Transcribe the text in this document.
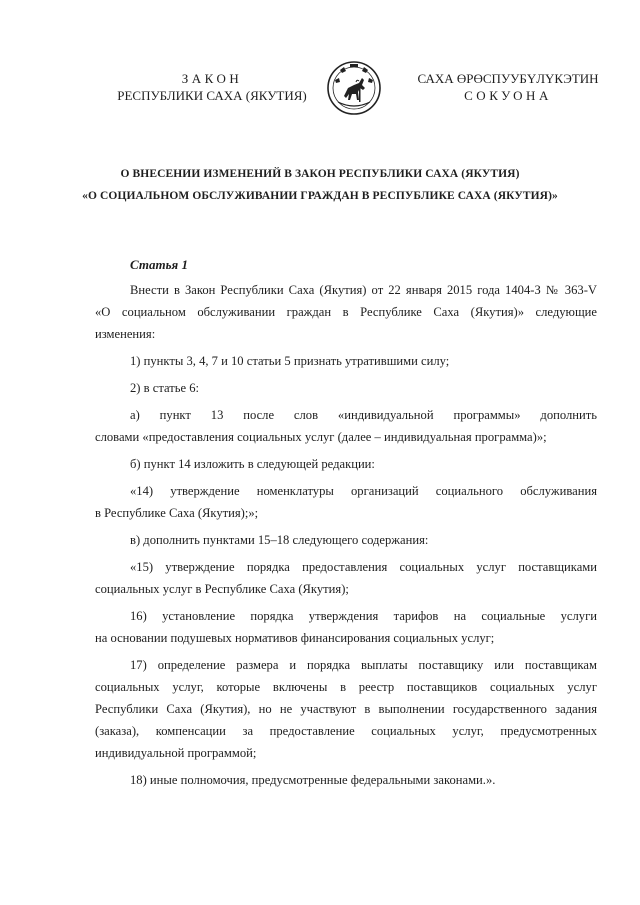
ЗАКОН
РЕСПУБЛИКИ САХА (ЯКУТИЯ)
САХА ӨРӨСПУУБҮЛҮКЭТИН
СОКУОНА
О ВНЕСЕНИИ ИЗМЕНЕНИЙ В ЗАКОН РЕСПУБЛИКИ САХА (ЯКУТИЯ)
«О СОЦИАЛЬНОМ ОБСЛУЖИВАНИИ ГРАЖДАН В РЕСПУБЛИКЕ САХА (ЯКУТИЯ)»
Статья 1

Внести в Закон Республики Саха (Якутия) от 22 января 2015 года 1404-З № 363-V

«О социальном обслуживании граждан в Республике Саха (Якутия)» следующие

изменения:

1) пункты 3, 4, 7 и 10 статьи 5 признать утратившими силу;

2) в статье 6:

а) пункт 13 после слов «индивидуальной программы» дополнить

словами «предоставления социальных услуг (далее – индивидуальная программа)»;

б) пункт 14 изложить в следующей редакции:

«14) утверждение номенклатуры организаций социального обслуживания

в Республике Саха (Якутия);»;

в) дополнить пунктами 15–18 следующего содержания:

«15) утверждение порядка предоставления социальных услуг поставщиками

социальных услуг в Республике Саха (Якутия);

16) установление порядка утверждения тарифов на социальные услуги

на основании подушевых нормативов финансирования социальных услуг;

17) определение размера и порядка выплаты поставщику или поставщикам

социальных услуг, которые включены в реестр поставщиков социальных услуг

Республики Саха (Якутия), но не участвуют в выполнении государственного задания

(заказа), компенсации за предоставление социальных услуг, предусмотренных

индивидуальной программой;

18) иные полномочия, предусмотренные федеральными законами.».
